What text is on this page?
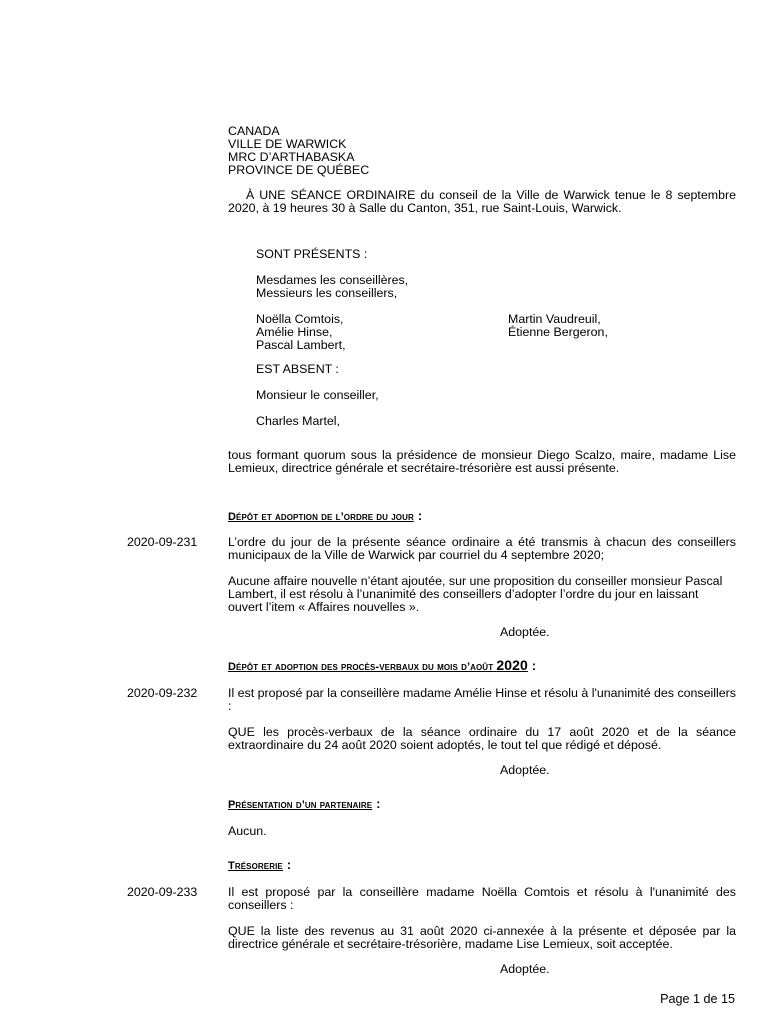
CANADA
VILLE DE WARWICK
MRC D’ARTHABASKA
PROVINCE DE QUÉBEC
À UNE SÉANCE ORDINAIRE du conseil de la Ville de Warwick tenue le 8 septembre 2020, à 19 heures 30 à Salle du Canton, 351, rue Saint-Louis, Warwick.
SONT PRÉSENTS :
Mesdames les conseillères,
Messieurs les conseillers,
Noëlla Comtois,
Amélie Hinse,
Pascal Lambert,
Martin Vaudreuil,
Étienne Bergeron,
EST ABSENT :
Monsieur le conseiller,
Charles Martel,
tous formant quorum sous la présidence de monsieur Diego Scalzo, maire, madame Lise Lemieux, directrice générale et secrétaire-trésorière est aussi présente.
Dépôt et adoption de l’ordre du jour :
2020-09-231 L’ordre du jour de la présente séance ordinaire a été transmis à chacun des conseillers municipaux de la Ville de Warwick par courriel du 4 septembre 2020;
Aucune affaire nouvelle n’étant ajoutée, sur une proposition du conseiller monsieur Pascal Lambert, il est résolu à l’unanimité des conseillers d’adopter l’ordre du jour en laissant ouvert l’item « Affaires nouvelles ».
Adoptée.
Dépôt et adoption des procès-verbaux du mois d’août 2020 :
2020-09-232 Il est proposé par la conseillère madame Amélie Hinse et résolu à l'unanimité des conseillers :
QUE les procès-verbaux de la séance ordinaire du 17 août 2020 et de la séance extraordinaire du 24 août 2020 soient adoptés, le tout tel que rédigé et déposé.
Adoptée.
Présentation d’un partenaire :
Aucun.
Trésorerie :
2020-09-233 Il est proposé par la conseillère madame Noëlla Comtois et résolu à l'unanimité des conseillers :
QUE la liste des revenus au 31 août 2020 ci-annexée à la présente et déposée par la directrice générale et secrétaire-trésorière, madame Lise Lemieux, soit acceptée.
Adoptée.
Page 1 de 15
